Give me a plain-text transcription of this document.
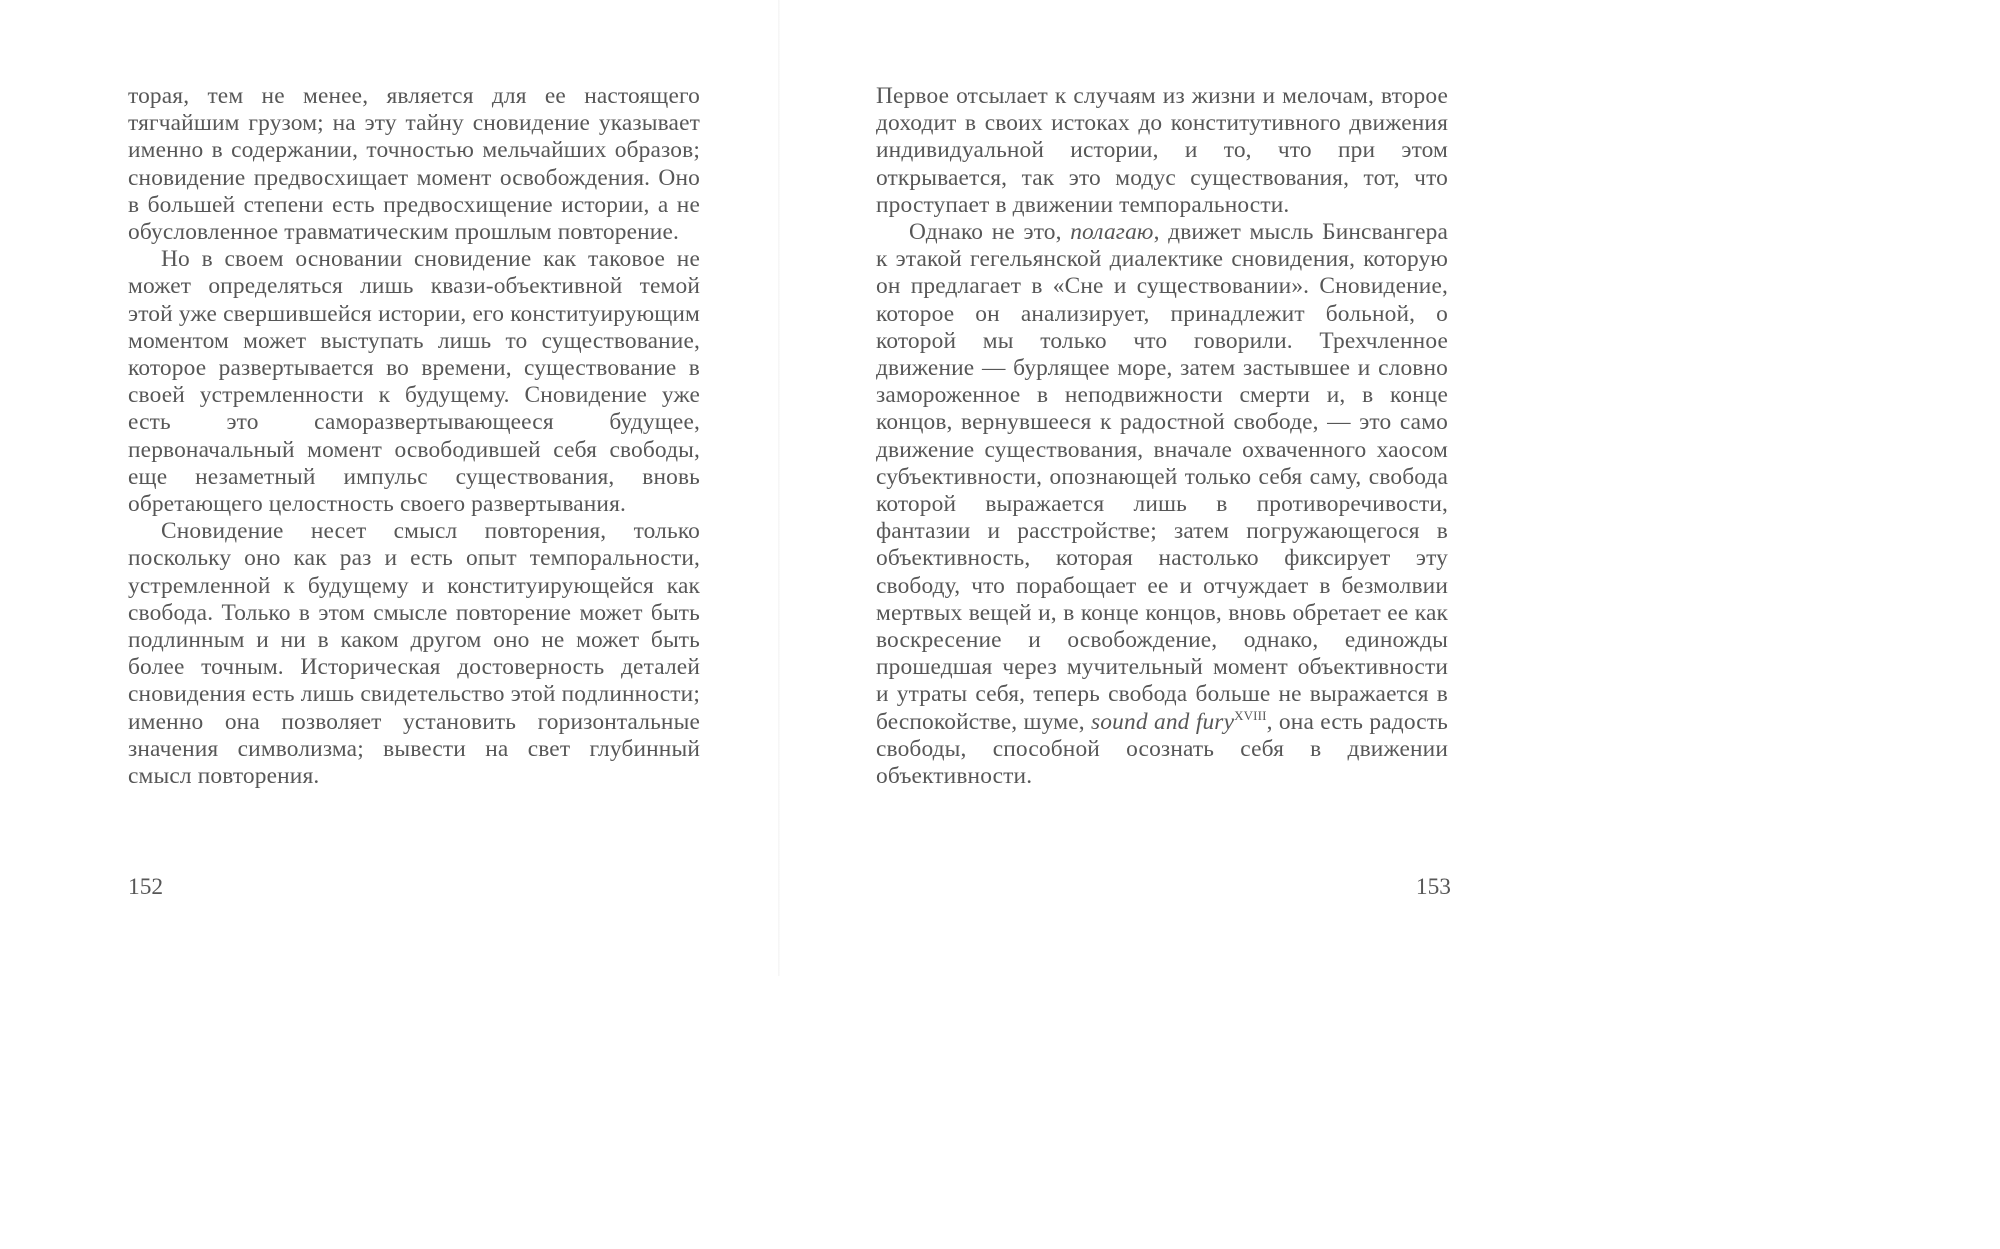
торая, тем не менее, является для ее настоящего тягчайшим грузом; на эту тайну сновидение указывает именно в содержании, точностью мельчайших образов; сновидение предвосхищает момент освобождения. Оно в большей степени есть предвосхищение истории, а не обусловленное травматическим прошлым повторение.

Но в своем основании сновидение как таковое не может определяться лишь квази-объективной темой этой уже свершившейся истории, его конституирующим моментом может выступать лишь то существование, которое развертывается во времени, существование в своей устремленности к будущему. Сновидение уже есть это саморазвертывающееся будущее, первоначальный момент освободившей себя свободы, еще незаметный импульс существования, вновь обретающего целостность своего развертывания.

Сновидение несет смысл повторения, только поскольку оно как раз и есть опыт темпоральности, устремленной к будущему и конституирующейся как свобода. Только в этом смысле повторение может быть подлинным и ни в каком другом оно не может быть более точным. Историческая достоверность деталей сновидения есть лишь свидетельство этой подлинности; именно она позволяет установить горизонтальные значения символизма; вывести на свет глубинный смысл повторения.

152

Первое отсылает к случаям из жизни и мелочам, второе доходит в своих истоках до конститутивного движения индивидуальной истории, и то, что при этом открывается, так это модус существования, тот, что проступает в движении темпоральности.

Однако не это, полагаю, движет мысль Бинсвангера к этакой гегельянской диалектике сновидения, которую он предлагает в «Сне и существовании». Сновидение, которое он анализирует, принадлежит больной, о которой мы только что говорили. Трехчленное движение — бурлящее море, затем застывшее и словно замороженное в неподвижности смерти и, в конце концов, вернувшееся к радостной свободе, — это само движение существования, вначале охваченного хаосом субъективности, опознающей только себя саму, свобода которой выражается лишь в противоречивости, фантазии и расстройстве; затем погружающегося в объективность, которая настолько фиксирует эту свободу, что порабощает ее и отчуждает в безмолвии мертвых вещей и, в конце концов, вновь обретает ее как воскресение и освобождение, однако, единожды прошедшая через мучительный момент объективности и утраты себя, теперь свобода больше не выражается в беспокойстве, шуме, sound and fury$^{XVIII}$, она есть радость свободы, способной осознать себя в движении объективности.

153
